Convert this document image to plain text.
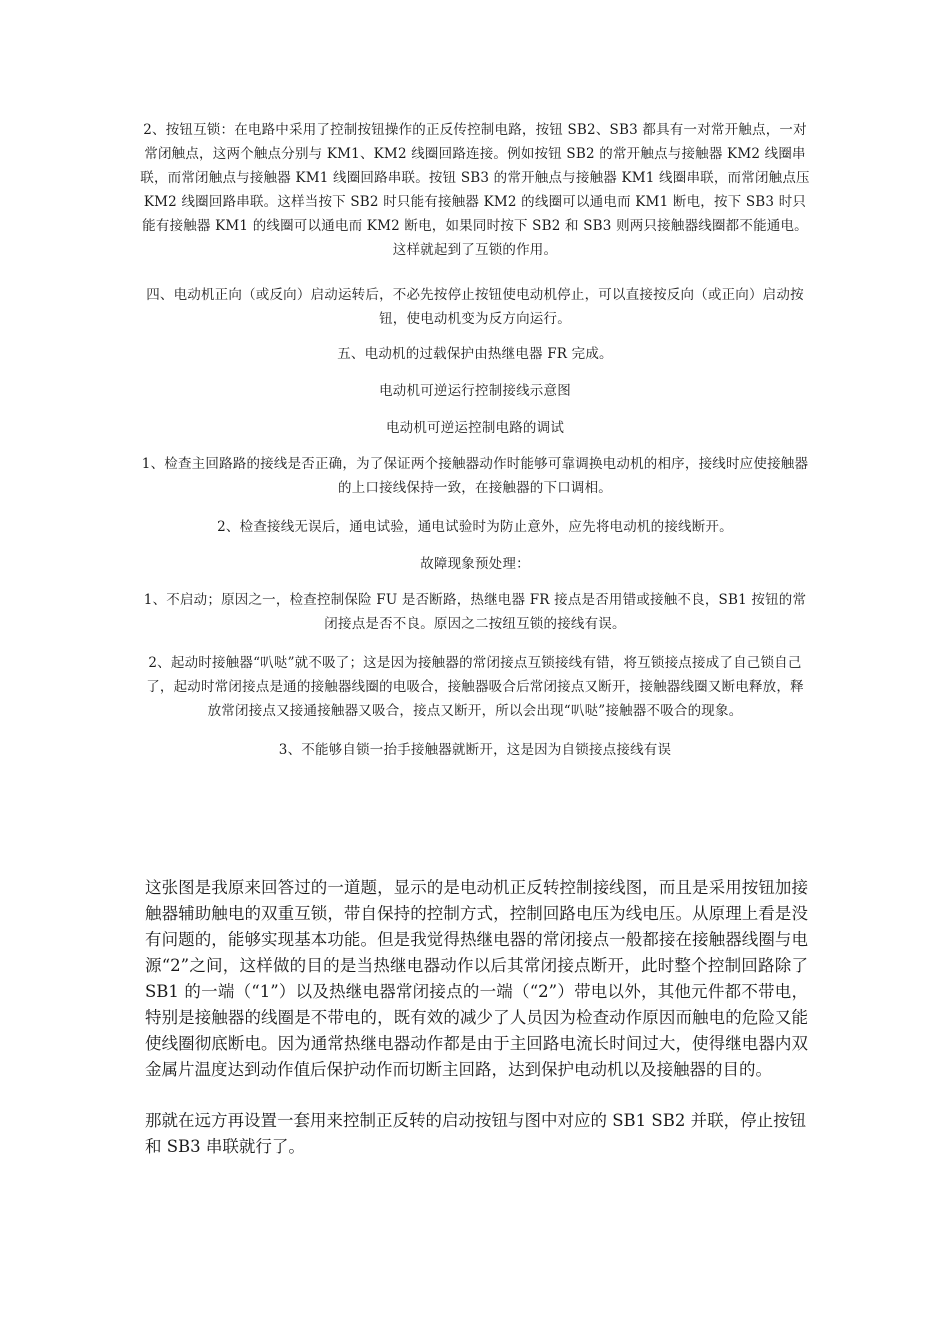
2、按钮互锁：在电路中采用了控制按钮操作的正反传控制电路，按钮 SB2、SB3 都具有一对常开触点，一对常闭触点，这两个触点分别与 KM1、KM2 线圈回路连接。例如按钮 SB2 的常开触点与接触器 KM2 线圈串联，而常闭触点与接触器 KM1 线圈回路串联。按钮 SB3 的常开触点与接触器 KM1 线圈串联，而常闭触点压 KM2 线圈回路串联。这样当按下 SB2 时只能有接触器 KM2 的线圈可以通电而 KM1 断电，按下 SB3 时只能有接触器 KM1 的线圈可以通电而 KM2 断电，如果同时按下 SB2 和 SB3 则两只接触器线圈都不能通电。这样就起到了互锁的作用。

四、电动机正向（或反向）启动运转后，不必先按停止按钮使电动机停止，可以直接按反向（或正向）启动按钮，使电动机变为反方向运行。

五、电动机的过载保护由热继电器 FR 完成。

电动机可逆运行控制接线示意图

电动机可逆运控制电路的调试

1、检查主回路路的接线是否正确，为了保证两个接触器动作时能够可靠调换电动机的相序，接线时应使接触器的上口接线保持一致，在接触器的下口调相。

2、检查接线无误后，通电试验，通电试验时为防止意外，应先将电动机的接线断开。

故障现象预处理：

1、不启动；原因之一，检查控制保险 FU 是否断路，热继电器 FR 接点是否用错或接触不良，SB1 按钮的常闭接点是否不良。原因之二按纽互锁的接线有误。

2、起动时接触器“叭哒”就不吸了；这是因为接触器的常闭接点互锁接线有错，将互锁接点接成了自己锁自己了，起动时常闭接点是通的接触器线圈的电吸合，接触器吸合后常闭接点又断开，接触器线圈又断电释放，释放常闭接点又接通接触器又吸合，接点又断开，所以会出现“叭哒”接触器不吸合的现象。

3、不能够自锁一抬手接触器就断开，这是因为自锁接点接线有误

这张图是我原来回答过的一道题，显示的是电动机正反转控制接线图，而且是采用按钮加接触器辅助触电的双重互锁，带自保持的控制方式，控制回路电压为线电压。从原理上看是没有问题的，能够实现基本功能。但是我觉得热继电器的常闭接点一般都接在接触器线圈与电源“2”之间，这样做的目的是当热继电器动作以后其常闭接点断开，此时整个控制回路除了 SB1 的一端（“1”）以及热继电器常闭接点的一端（“2”）带电以外，其他元件都不带电，特别是接触器的线圈是不带电的，既有效的减少了人员因为检查动作原因而触电的危险又能使线圈彻底断电。因为通常热继电器动作都是由于主回路电流长时间过大，使得继电器内双金属片温度达到动作值后保护动作而切断主回路，达到保护电动机以及接触器的目的。

那就在远方再设置一套用来控制正反转的启动按钮与图中对应的 SB1 SB2 并联，停止按钮和 SB3 串联就行了。
